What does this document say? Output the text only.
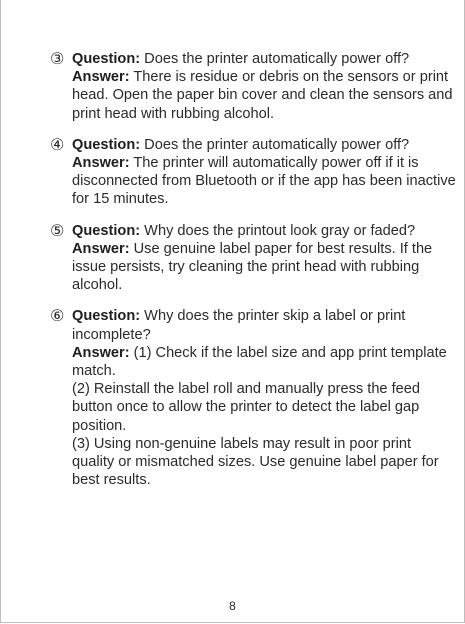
③ Question: Does the printer automatically power off?

Answer: There is residue or debris on the sensors or print head. Open the paper bin cover and clean the sensors and print head with rubbing alcohol.

④ Question: Does the printer automatically power off?

Answer: The printer will automatically power off if it is disconnected from Bluetooth or if the app has been inactive for 15 minutes.

⑤ Question: Why does the printout look gray or faded?

Answer: Use genuine label paper for best results. If the issue persists, try cleaning the print head with rubbing alcohol.

⑥ Question: Why does the printer skip a label or print incomplete?

Answer: (1) Check if the label size and app print template match.

(2) Reinstall the label roll and manually press the feed button once to allow the printer to detect the label gap position.

(3) Using non-genuine labels may result in poor print quality or mismatched sizes. Use genuine label paper for best results.

8
